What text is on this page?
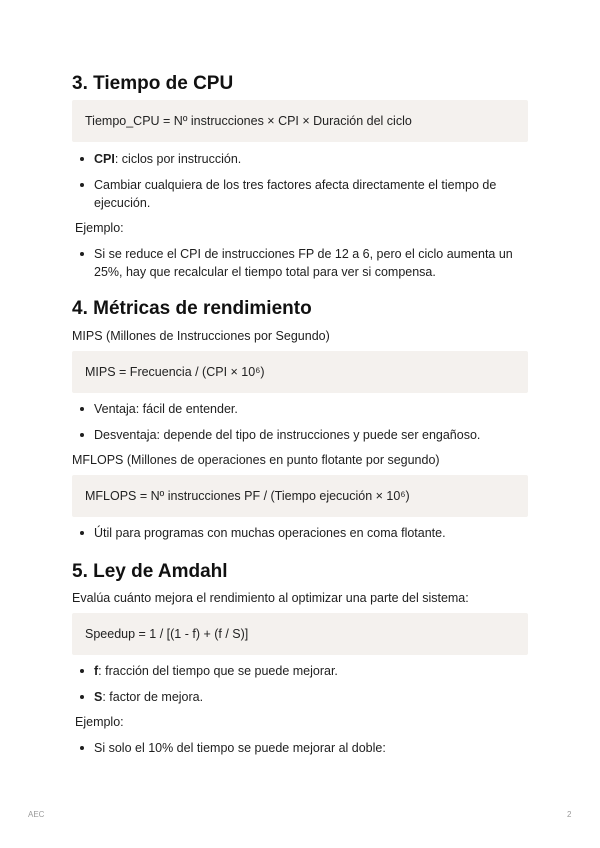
3. Tiempo de CPU
Tiempo_CPU = Nº instrucciones × CPI × Duración del ciclo
CPI: ciclos por instrucción.
Cambiar cualquiera de los tres factores afecta directamente el tiempo de ejecución.
Ejemplo:
Si se reduce el CPI de instrucciones FP de 12 a 6, pero el ciclo aumenta un 25%, hay que recalcular el tiempo total para ver si compensa.
4. Métricas de rendimiento
MIPS (Millones de Instrucciones por Segundo)
MIPS = Frecuencia / (CPI × 10⁶)
Ventaja: fácil de entender.
Desventaja: depende del tipo de instrucciones y puede ser engañoso.
MFLOPS (Millones de operaciones en punto flotante por segundo)
MFLOPS = Nº instrucciones PF / (Tiempo ejecución × 10⁶)
Útil para programas con muchas operaciones en coma flotante.
5. Ley de Amdahl
Evalúa cuánto mejora el rendimiento al optimizar una parte del sistema:
Speedup = 1 / [(1 - f) + (f / S)]
f: fracción del tiempo que se puede mejorar.
S: factor de mejora.
Ejemplo:
Si solo el 10% del tiempo se puede mejorar al doble:
AEC	2
